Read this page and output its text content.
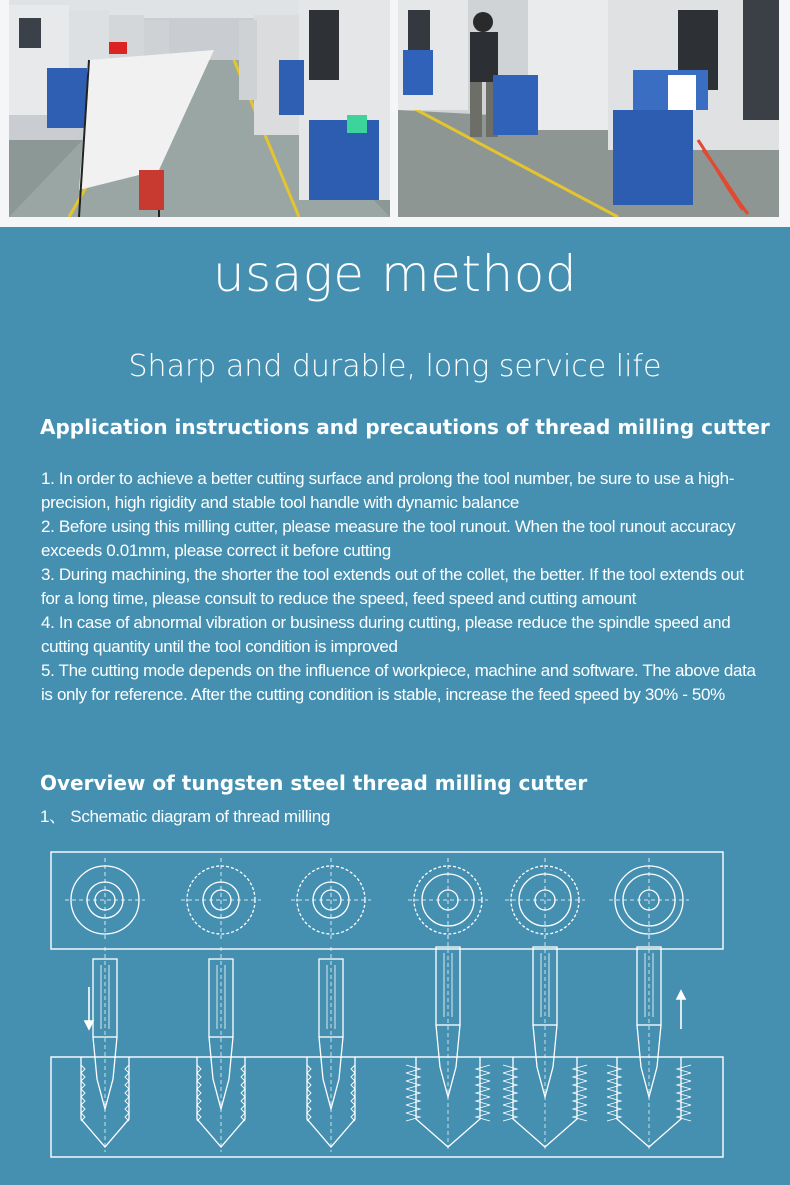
usage method
Sharp and durable, long service life
Application instructions and precautions of thread milling cutter
1. In order to achieve a better cutting surface and prolong the tool number, be sure to use a high-precision, high rigidity and stable tool handle with dynamic balance
2. Before using this milling cutter, please measure the tool runout. When the tool runout accuracy exceeds 0.01mm, please correct it before cutting
3. During machining, the shorter the tool extends out of the collet, the better. If the tool extends out for a long time, please consult to reduce the speed, feed speed and cutting amount
4. In case of abnormal vibration or business during cutting, please reduce the spindle speed and cutting quantity until the tool condition is improved
5. The cutting mode depends on the influence of workpiece, machine and software. The above data is only for reference. After the cutting condition is stable, increase the feed speed by 30% - 50%
Overview of tungsten steel thread milling cutter
1、 Schematic diagram of thread milling
